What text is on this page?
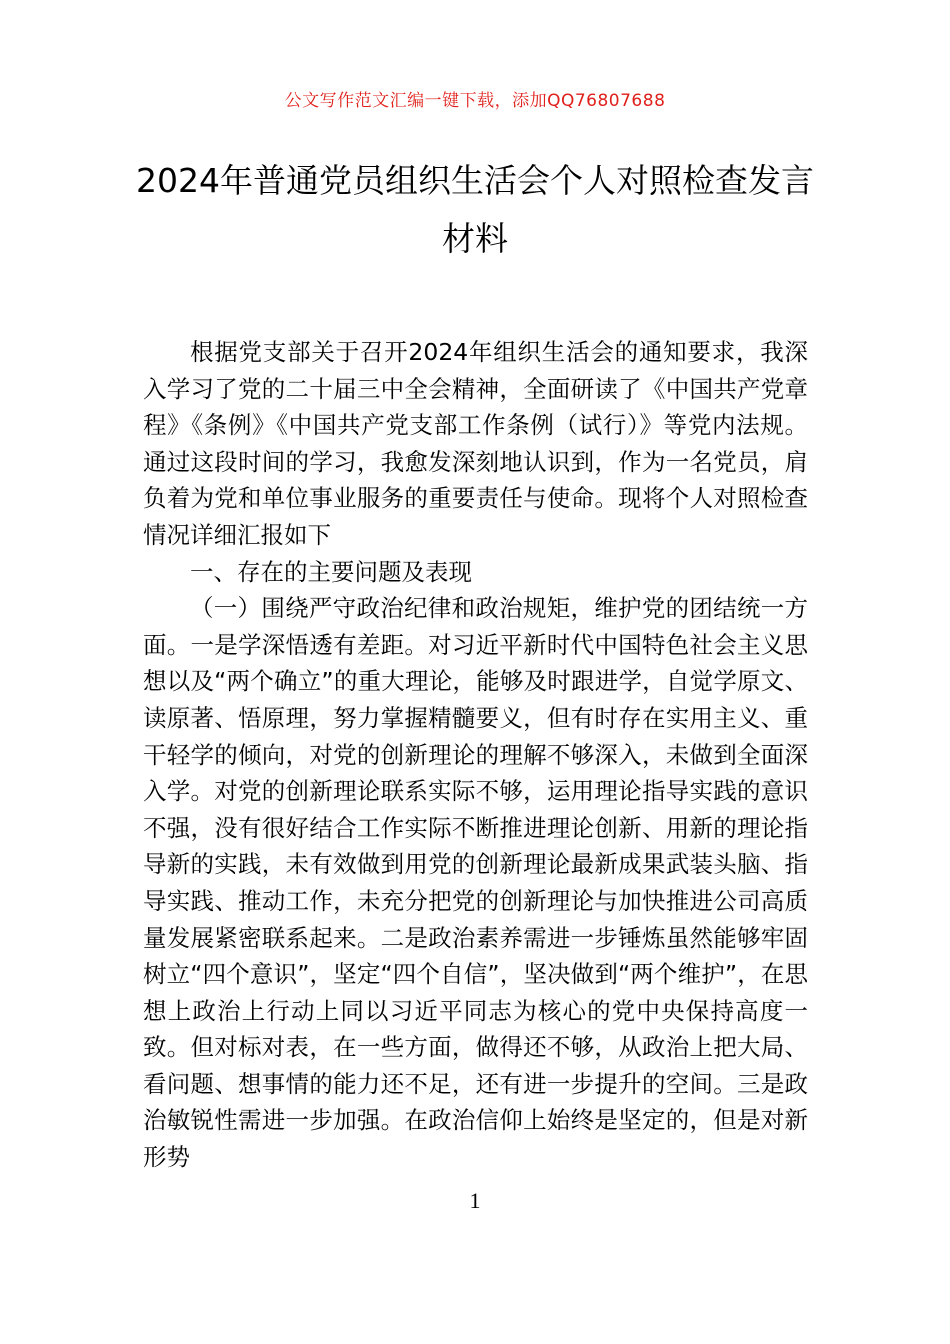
公文写作范文汇编一键下载，添加QQ76807688
2024年普通党员组织生活会个人对照检查发言材料

根据党支部关于召开2024年组织生活会的通知要求，我深入学习了党的二十届三中全会精神，全面研读了《中国共产党章程》《条例》《中国共产党支部工作条例（试行）》等党内法规。通过这段时间的学习，我愈发深刻地认识到，作为一名党员，肩负着为党和单位事业服务的重要责任与使命。现将个人对照检查情况详细汇报如下

一、存在的主要问题及表现

（一）围绕严守政治纪律和政治规矩，维护党的团结统一方面。一是学深悟透有差距。对习近平新时代中国特色社会主义思想以及“两个确立”的重大理论，能够及时跟进学，自觉学原文、读原著、悟原理，努力掌握精髓要义，但有时存在实用主义、重干轻学的倾向，对党的创新理论的理解不够深入，未做到全面深入学。对党的创新理论联系实际不够，运用理论指导实践的意识不强，没有很好结合工作实际不断推进理论创新、用新的理论指导新的实践，未有效做到用党的创新理论最新成果武装头脑、指导实践、推动工作，未充分把党的创新理论与加快推进公司高质量发展紧密联系起来。二是政治素养需进一步锤炼虽然能够牢固树立“四个意识”，坚定“四个自信”，坚决做到“两个维护”，在思想上政治上行动上同以习近平同志为核心的党中央保持高度一致。但对标对表，在一些方面，做得还不够，从政治上把大局、看问题、想事情的能力还不足，还有进一步提升的空间。三是政治敏锐性需进一步加强。在政治信仰上始终是坚定的，但是对新形势

1
